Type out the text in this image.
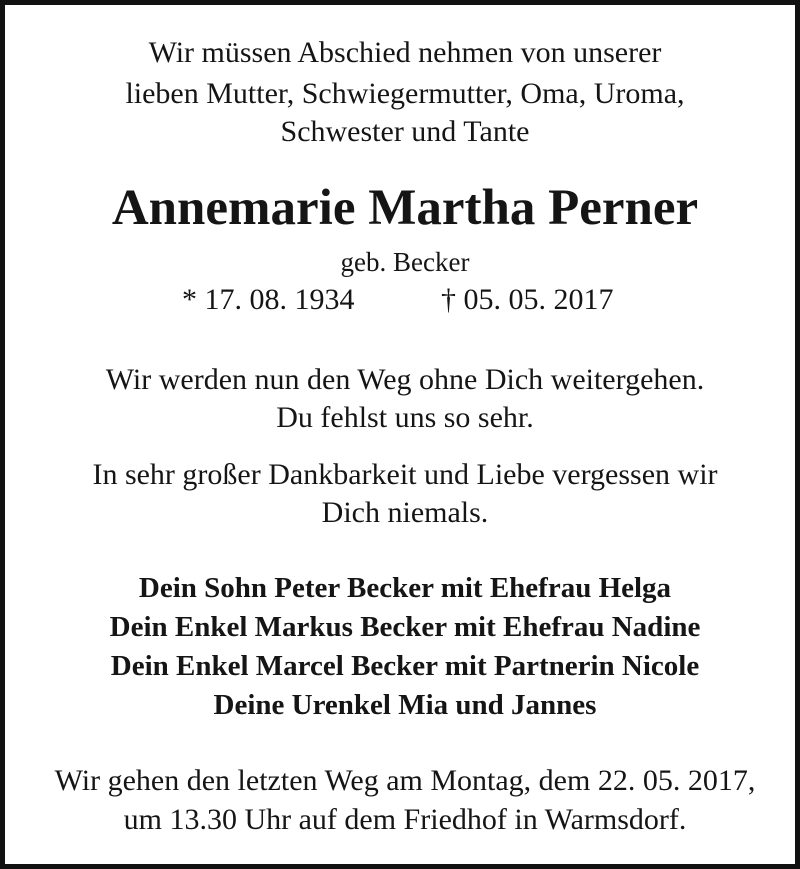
Wir müssen Abschied nehmen von unserer

lieben Mutter, Schwiegermutter, Oma, Uroma,

Schwester und Tante

Annemarie Martha Perner

geb. Becker

* 17. 08. 1934	† 05. 05. 2017

Wir werden nun den Weg ohne Dich weitergehen.

Du fehlst uns so sehr.

In sehr großer Dankbarkeit und Liebe vergessen wir

Dich niemals.

Dein Sohn Peter Becker mit Ehefrau Helga

Dein Enkel Markus Becker mit Ehefrau Nadine

Dein Enkel Marcel Becker mit Partnerin Nicole

Deine Urenkel Mia und Jannes

Wir gehen den letzten Weg am Montag, dem 22. 05. 2017,

um 13.30 Uhr auf dem Friedhof in Warmsdorf.
